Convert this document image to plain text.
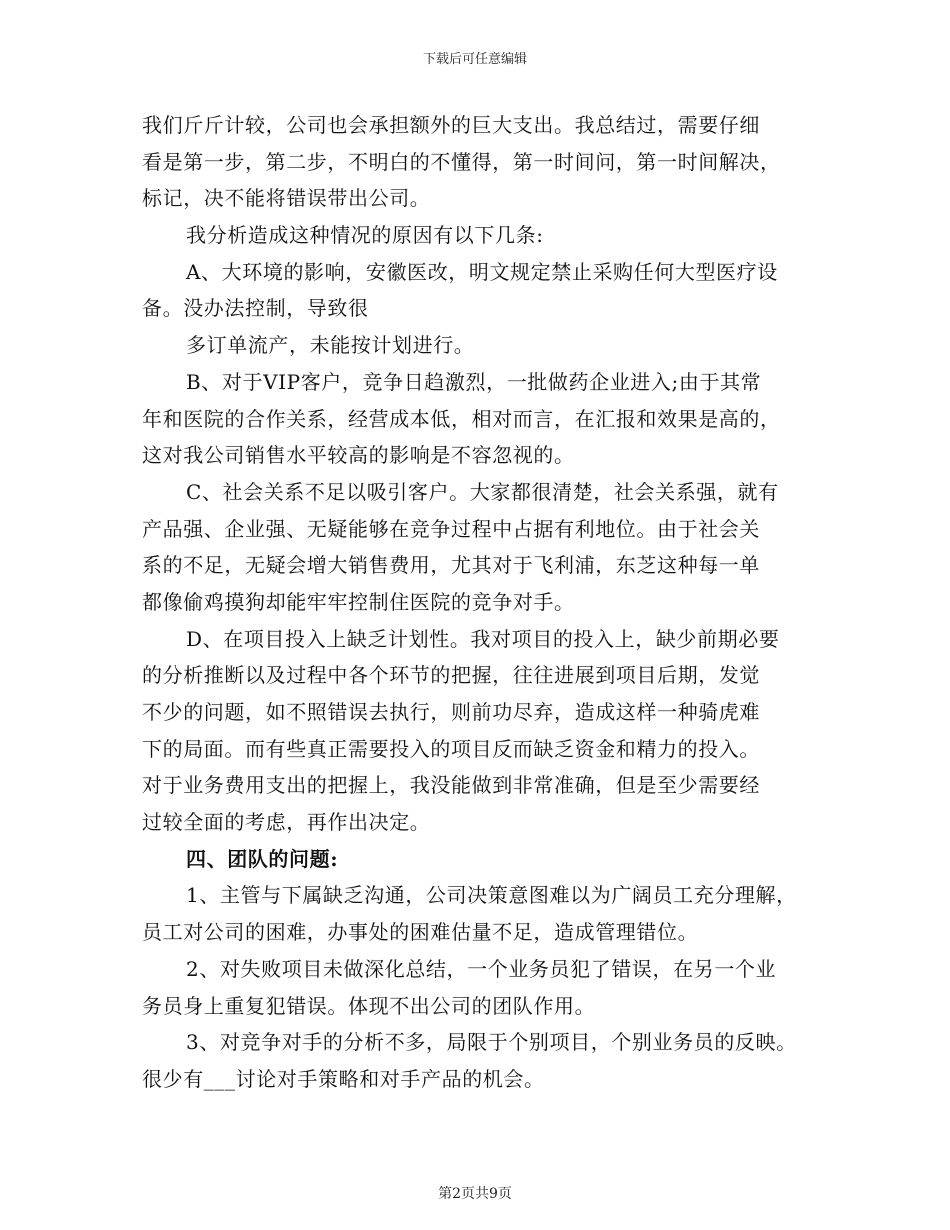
下载后可任意编辑
我们斤斤计较，公司也会承担额外的巨大支出。我总结过，需要仔细
看是第一步，第二步，不明白的不懂得，第一时间问，第一时间解决，
标记，决不能将错误带出公司。
我分析造成这种情况的原因有以下几条:
A、大环境的影响，安徽医改，明文规定禁止采购任何大型医疗设
备。没办法控制，导致很
多订单流产，未能按计划进行。
B、对于VIP客户，竞争日趋激烈，一批做药企业进入;由于其常
年和医院的合作关系，经营成本低，相对而言，在汇报和效果是高的，
这对我公司销售水平较高的影响是不容忽视的。
C、社会关系不足以吸引客户。大家都很清楚，社会关系强，就有
产品强、企业强、无疑能够在竞争过程中占据有利地位。由于社会关
系的不足，无疑会增大销售费用，尤其对于飞利浦，东芝这种每一单
都像偷鸡摸狗却能牢牢控制住医院的竞争对手。
D、在项目投入上缺乏计划性。我对项目的投入上，缺少前期必要
的分析推断以及过程中各个环节的把握，往往进展到项目后期，发觉
不少的问题，如不照错误去执行，则前功尽弃，造成这样一种骑虎难
下的局面。而有些真正需要投入的项目反而缺乏资金和精力的投入。
对于业务费用支出的把握上，我没能做到非常准确，但是至少需要经
过较全面的考虑，再作出决定。
四、团队的问题:
1、主管与下属缺乏沟通，公司决策意图难以为广阔员工充分理解，
员工对公司的困难，办事处的困难估量不足，造成管理错位。
2、对失败项目未做深化总结，一个业务员犯了错误，在另一个业
务员身上重复犯错误。体现不出公司的团队作用。
3、对竞争对手的分析不多，局限于个别项目，个别业务员的反映。
很少有___讨论对手策略和对手产品的机会。
第2页共9页
